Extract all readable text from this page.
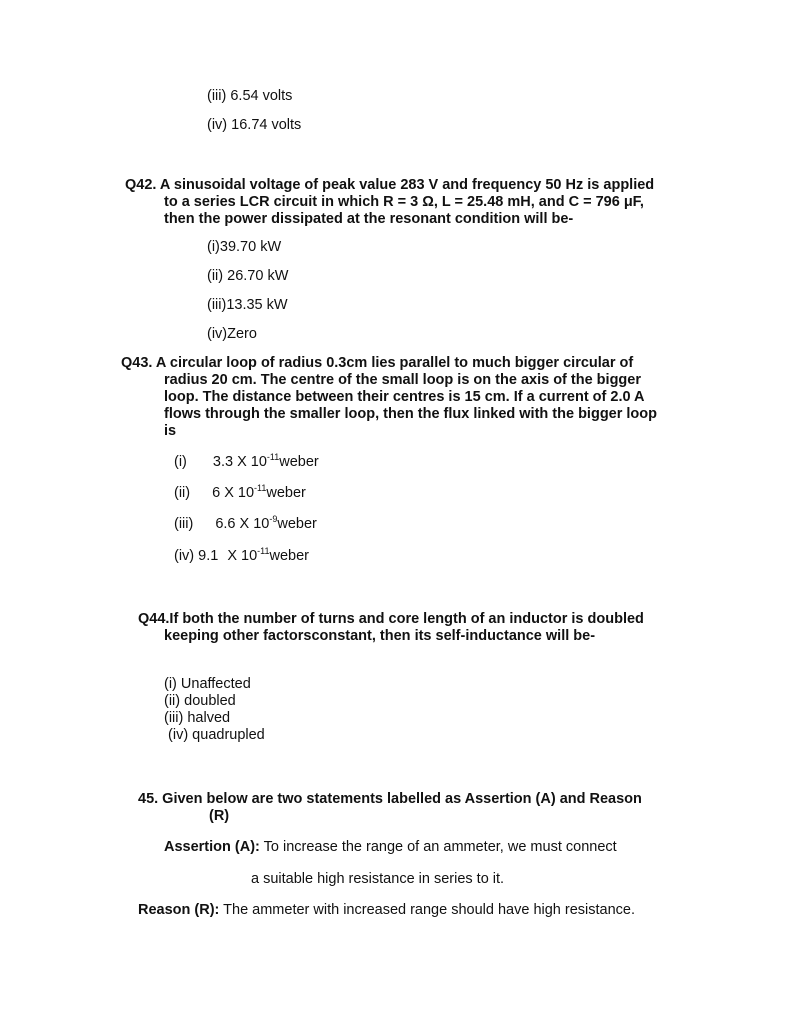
(iii) 6.54 volts
(iv) 16.74 volts
Q42. A sinusoidal voltage of peak value 283 V and frequency 50 Hz is applied
to a series LCR circuit in which R = 3 Ω, L = 25.48 mH, and C = 796 μF,
then the power dissipated at the resonant condition will be-
(i)39.70 kW
(ii) 26.70 kW
(iii)13.35 kW
(iv)Zero
Q43. A circular loop of radius 0.3cm lies parallel to much bigger circular of
radius 20 cm. The centre of the small loop is on the axis of the bigger
loop. The distance between their centres is 15 cm. If a current of 2.0 A
flows through the smaller loop, then the flux linked with the bigger loop
is
(i) 3.3 X $10^{-11}weber$
(ii) 6 X $10^{-11}weber$
(iii) 6.6 X $10^{-9}weber$
(iv) 9.1 X $10^{-11}weber$
Q44.If both the number of turns and core length of an inductor is doubled
keeping other factorsconstant, then its self-inductance will be-
(i) Unaffected
(ii) doubled
(iii) halved
(iv) quadrupled
45. Given below are two statements labelled as Assertion (A) and Reason
(R)
Assertion (A): To increase the range of an ammeter, we must connect
a suitable high resistance in series to it.
Reason (R): The ammeter with increased range should have high resistance.
